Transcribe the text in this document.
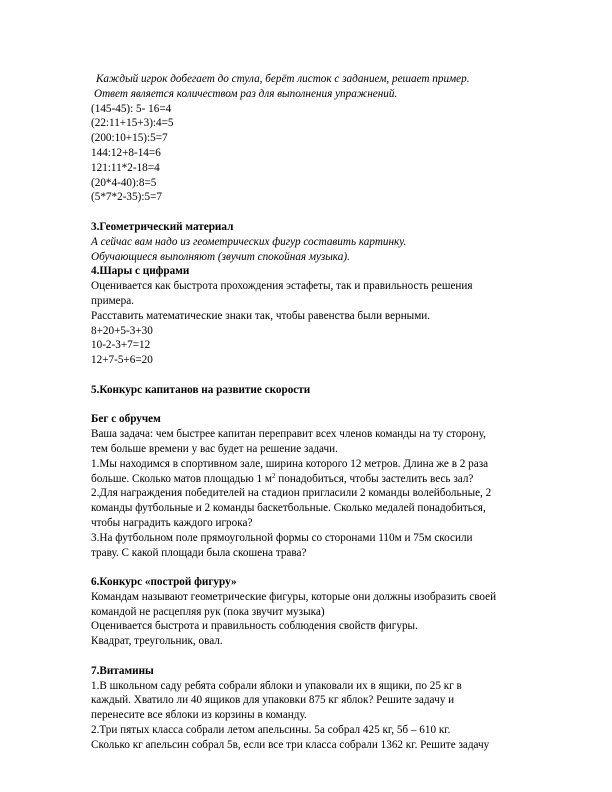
Каждый игрок добегает до стула, берёт листок с заданием, решает пример.
Ответ является количеством раз для выполнения упражнений.
(145-45): 5- 16=4
(22:11+15+3):4=5
(200:10+15):5=7
144:12+8-14=6
121:11*2-18=4
(20*4-40):8=5
(5*7*2-35):5=7
3.Геометрический материал
А сейчас вам надо из геометрических фигур составить картинку.
Обучающиеся выполняют (звучит спокойная музыка).
4.Шары с цифрами
Оценивается как быстрота прохождения эстафеты, так и правильность решения
примера.
Расставить математические знаки так, чтобы равенства были верными.
8+20+5-3+30
10-2-3+7=12
12+7-5+6=20
5.Конкурс капитанов на развитие скорости
Бег с обручем
Ваша задача: чем быстрее капитан переправит всех членов команды на ту сторону,
тем больше времени у вас будет на решение задачи.
1.Мы находимся в спортивном зале, ширина которого 12 метров. Длина же в 2 раза
больше. Сколько матов площадью 1 $м^2$ понадобиться, чтобы застелить весь зал?
2.Для награждения победителей на стадион пригласили 2 команды волейбольные, 2
команды футбольные и 2 команды баскетбольные. Сколько медалей понадобиться,
чтобы наградить каждого игрока?
3.На футбольном поле прямоугольной формы со сторонами 110м и 75м скосили
траву. С какой площади была скошена трава?
6.Конкурс «построй фигуру»
Командам называют геометрические фигуры, которые они должны изобразить своей
командой не расцепляя рук (пока звучит музыка)
Оценивается быстрота и правильность соблюдения свойств фигуры.
Квадрат, треугольник, овал.
7.Витамины
1.В школьном саду ребята собрали яблоки и упаковали их в ящики, по 25 кг в
каждый. Хватило ли 40 ящиков для упаковки 875 кг яблок? Решите задачу и
перенесите все яблоки из корзины в команду.
2.Три пятых класса собрали летом апельсины. 5а собрал 425 кг, 5б – 610 кг.
Сколько кг апельсин собрал 5в, если все три класса собрали 1362 кг. Решите задачу
